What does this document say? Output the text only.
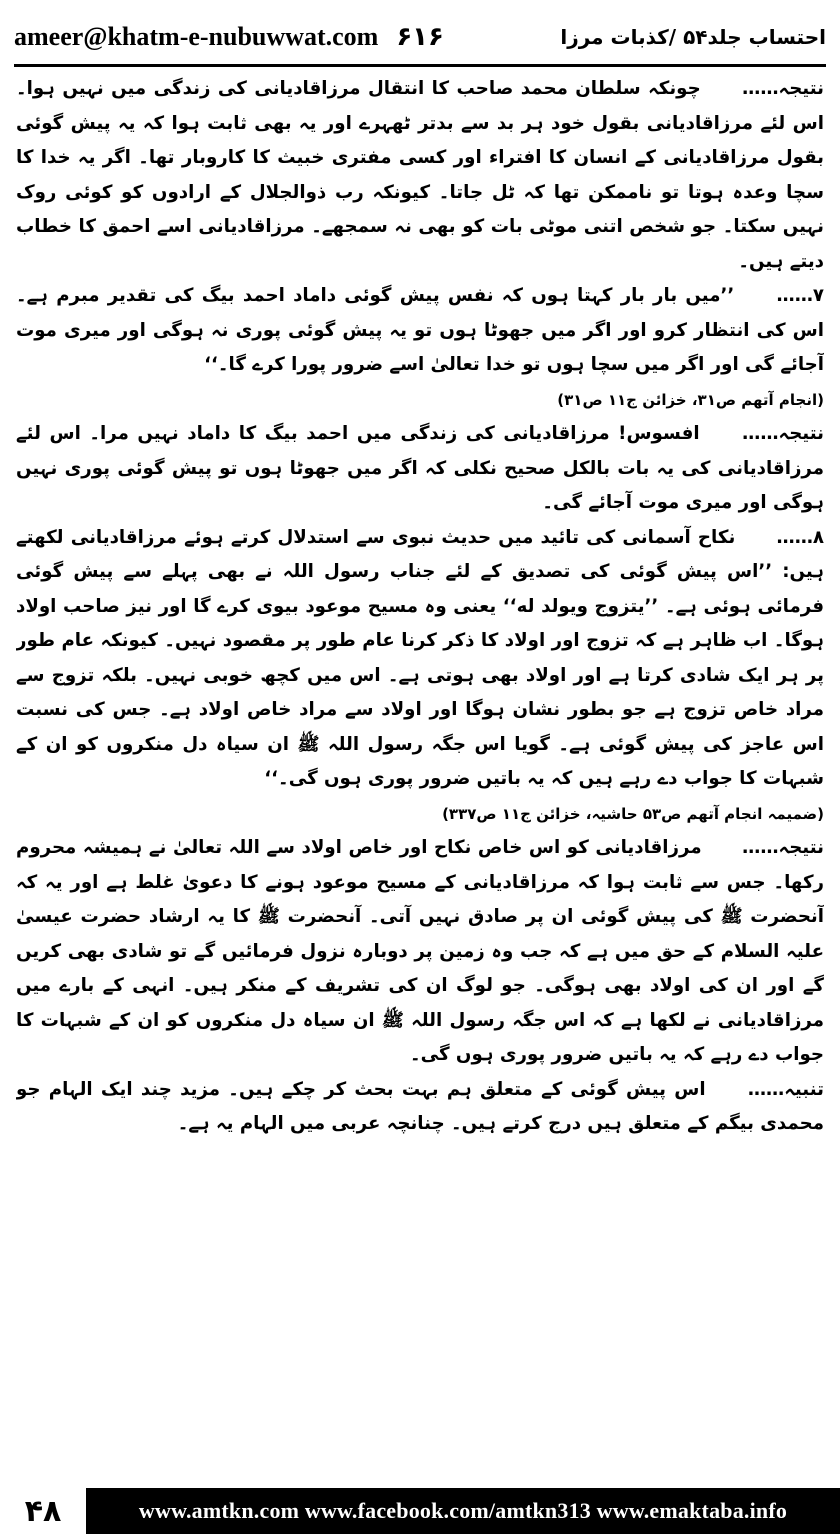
ameer@khatm-e-nubuwwat.com ۶۱۶	احتساب جلد۵۴ /کذبات مرزا

نتیجہ…… چونکہ سلطان محمد صاحب کا انتقال مرزاقادیانی کی زندگی میں نہیں ہوا۔ اس لئے مرزاقادیانی بقول خود ہر بد سے بدتر ٹھہرے اور یہ بھی ثابت ہوا کہ یہ پیش گوئی بقول مرزاقادیانی کے انسان کا افتراء اور کسی مفتری خبیث کا کاروبار تھا۔ اگر یہ خدا کا سچا وعدہ ہوتا تو ناممکن تھا کہ ٹل جاتا۔ کیونکہ رب ذوالجلال کے ارادوں کو کوئی روک نہیں سکتا۔ جو شخص اتنی موٹی بات کو بھی نہ سمجھے۔ مرزاقادیانی اسے احمق کا خطاب دیتے ہیں۔

۷…… ’’میں بار بار کہتا ہوں کہ نفس پیش گوئی داماد احمد بیگ کی تقدیر مبرم ہے۔ اس کی انتظار کرو اور اگر میں جھوٹا ہوں تو یہ پیش گوئی پوری نہ ہوگی اور میری موت آجائے گی اور اگر میں سچا ہوں تو خدا تعالیٰ اسے ضرور پورا کرے گا۔‘‘

(انجام آتھم ص۳۱، خزائن ج۱۱ ص۳۱)

نتیجہ…… افسوس! مرزاقادیانی کی زندگی میں احمد بیگ کا داماد نہیں مرا۔ اس لئے مرزاقادیانی کی یہ بات بالکل صحیح نکلی کہ اگر میں جھوٹا ہوں تو پیش گوئی پوری نہیں ہوگی اور میری موت آجائے گی۔

۸…… نکاح آسمانی کی تائید میں حدیث نبوی سے استدلال کرتے ہوئے مرزاقادیانی لکھتے ہیں: ’’اس پیش گوئی کی تصدیق کے لئے جناب رسول اللہ نے بھی پہلے سے پیش گوئی فرمائی ہوئی ہے۔ ’’یتزوج ویولد له‘‘ یعنی وہ مسیح موعود بیوی کرے گا اور نیز صاحب اولاد ہوگا۔ اب ظاہر ہے کہ تزوج اور اولاد کا ذکر کرنا عام طور پر مقصود نہیں۔ کیونکہ عام طور پر ہر ایک شادی کرتا ہے اور اولاد بھی ہوتی ہے۔ اس میں کچھ خوبی نہیں۔ بلکہ تزوج سے مراد خاص تزوج ہے جو بطور نشان ہوگا اور اولاد سے مراد خاص اولاد ہے۔ جس کی نسبت اس عاجز کی پیش گوئی ہے۔ گویا اس جگہ رسول اللہ ﷺ ان سیاہ دل منکروں کو ان کے شبہات کا جواب دے رہے ہیں کہ یہ باتیں ضرور پوری ہوں گی۔‘‘

(ضمیمہ انجام آتھم ص۵۳ حاشیہ، خزائن ج۱۱ ص۳۳۷)

نتیجہ…… مرزاقادیانی کو اس خاص نکاح اور خاص اولاد سے اللہ تعالیٰ نے ہمیشہ محروم رکھا۔ جس سے ثابت ہوا کہ مرزاقادیانی کے مسیح موعود ہونے کا دعویٰ غلط ہے اور یہ کہ آنحضرت ﷺ کی پیش گوئی ان پر صادق نہیں آتی۔ آنحضرت ﷺ کا یہ ارشاد حضرت عیسیٰ علیہ السلام کے حق میں ہے کہ جب وہ زمین پر دوبارہ نزول فرمائیں گے تو شادی بھی کریں گے اور ان کی اولاد بھی ہوگی۔ جو لوگ ان کی تشریف کے منکر ہیں۔ انہی کے بارے میں مرزاقادیانی نے لکھا ہے کہ اس جگہ رسول اللہ ﷺ ان سیاہ دل منکروں کو ان کے شبہات کا جواب دے رہے کہ یہ باتیں ضرور پوری ہوں گی۔

تنبیہ…… اس پیش گوئی کے متعلق ہم بہت بحث کر چکے ہیں۔ مزید چند ایک الہام جو محمدی بیگم کے متعلق ہیں درج کرتے ہیں۔ چنانچہ عربی میں الہام یہ ہے۔

۴۸	www.amtkn.com www.facebook.com/amtkn313 www.emaktaba.info
